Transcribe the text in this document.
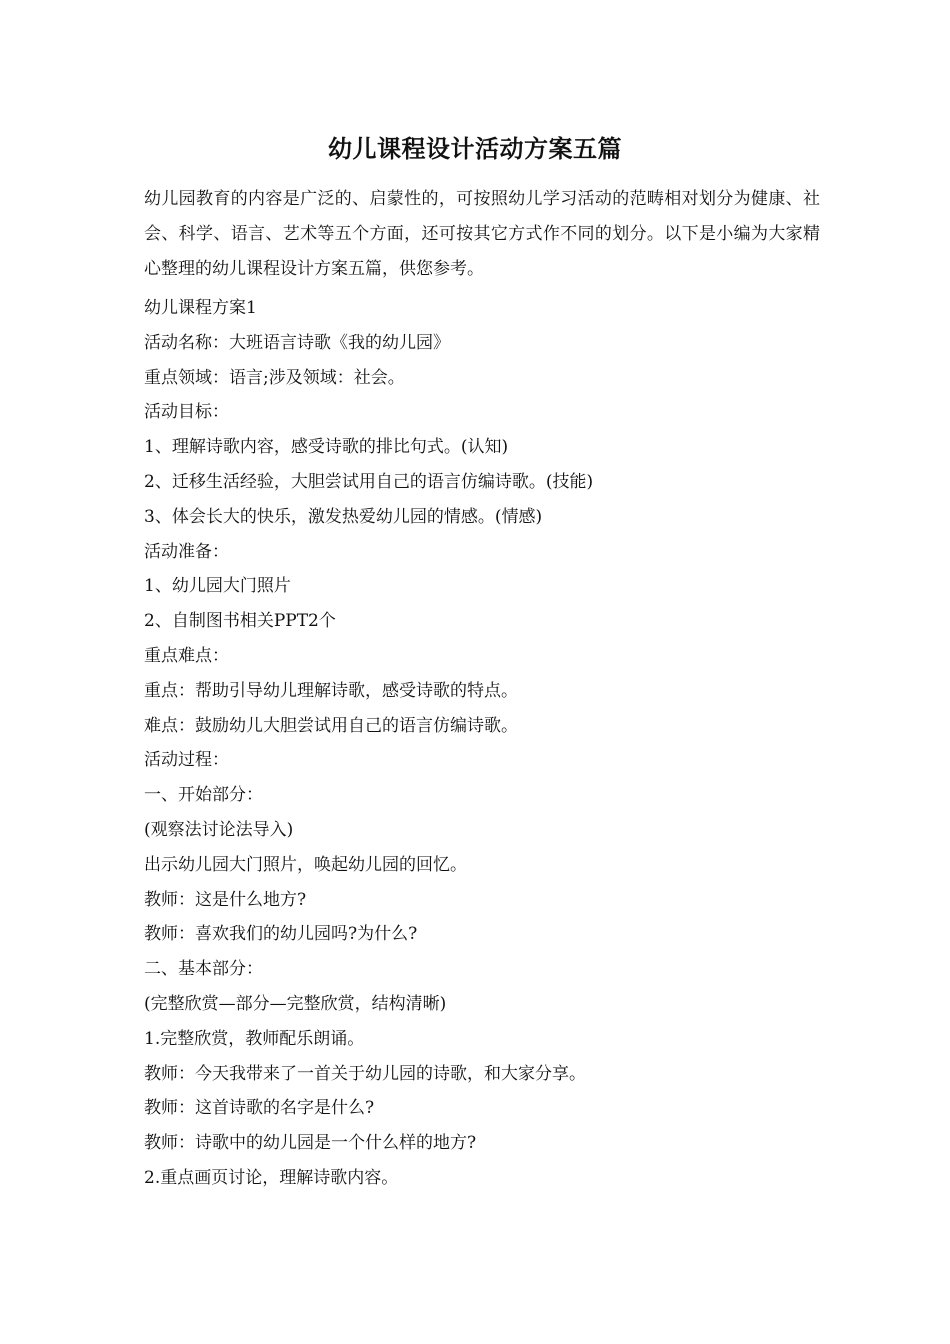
幼儿课程设计活动方案五篇
幼儿园教育的内容是广泛的、启蒙性的，可按照幼儿学习活动的范畴相对划分为健康、社会、科学、语言、艺术等五个方面，还可按其它方式作不同的划分。以下是小编为大家精心整理的幼儿课程设计方案五篇，供您参考。
幼儿课程方案1
活动名称：大班语言诗歌《我的幼儿园》
重点领域：语言;涉及领域：社会。
活动目标：
1、理解诗歌内容，感受诗歌的排比句式。(认知)
2、迁移生活经验，大胆尝试用自己的语言仿编诗歌。(技能)
3、体会长大的快乐，激发热爱幼儿园的情感。(情感)
活动准备：
1、幼儿园大门照片
2、自制图书相关PPT2个
重点难点：
重点：帮助引导幼儿理解诗歌，感受诗歌的特点。
难点：鼓励幼儿大胆尝试用自己的语言仿编诗歌。
活动过程：
一、开始部分：
(观察法讨论法导入)
出示幼儿园大门照片，唤起幼儿园的回忆。
教师：这是什么地方?
教师：喜欢我们的幼儿园吗?为什么?
二、基本部分：
(完整欣赏—部分—完整欣赏，结构清晰)
1.完整欣赏，教师配乐朗诵。
教师：今天我带来了一首关于幼儿园的诗歌，和大家分享。
教师：这首诗歌的名字是什么?
教师：诗歌中的幼儿园是一个什么样的地方?
2.重点画页讨论，理解诗歌内容。
